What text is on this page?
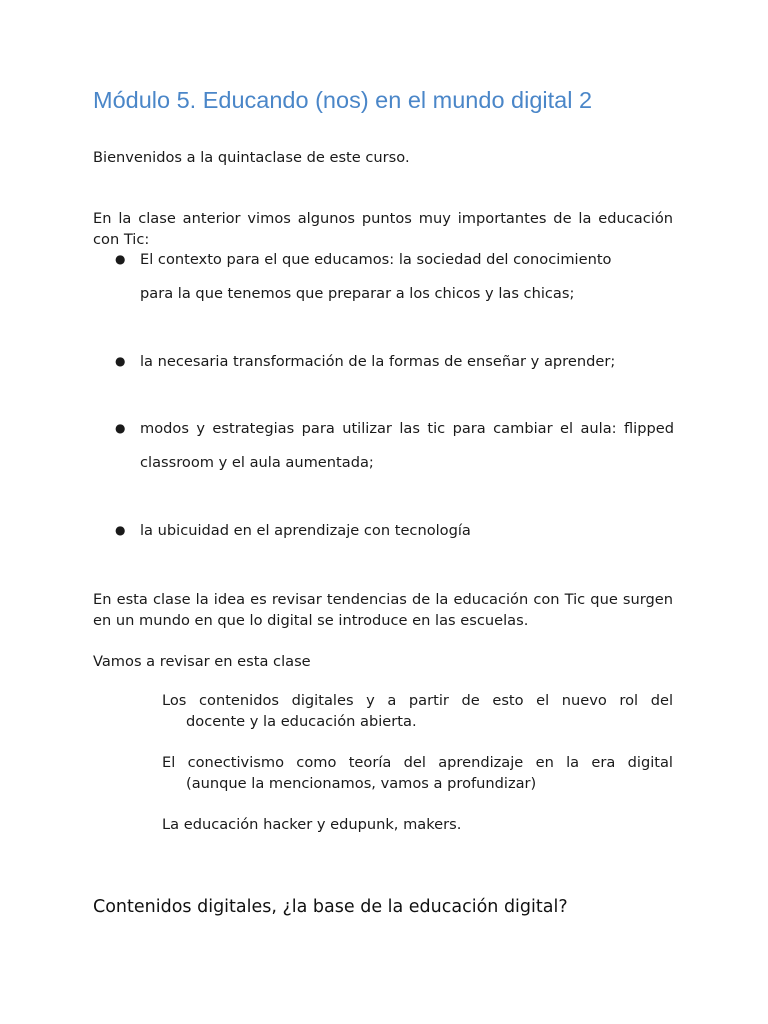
Módulo 5. Educando (nos) en el mundo digital 2

Bienvenidos a la quintaclase de este curso.

En la clase anterior vimos algunos puntos muy importantes de la educación con Tic:

● El contexto para el que educamos: la sociedad del conocimiento
para la que tenemos que preparar a los chicos y las chicas;
● la necesaria transformación de la formas de enseñar y aprender;
● modos y estrategias para utilizar las tic para cambiar el aula: flipped
classroom y el aula aumentada;
● la ubicuidad en el aprendizaje con tecnología

En esta clase la idea es revisar tendencias de la educación con Tic que surgen en un mundo en que lo digital se introduce en las escuelas.

Vamos a revisar en esta clase

Los contenidos digitales y a partir de esto el nuevo rol del
docente y la educación abierta.
El conectivismo como teoría del aprendizaje en la era digital
(aunque la mencionamos, vamos a profundizar)
La educación hacker y edupunk, makers.
Contenidos digitales, ¿la base de la educación digital?
